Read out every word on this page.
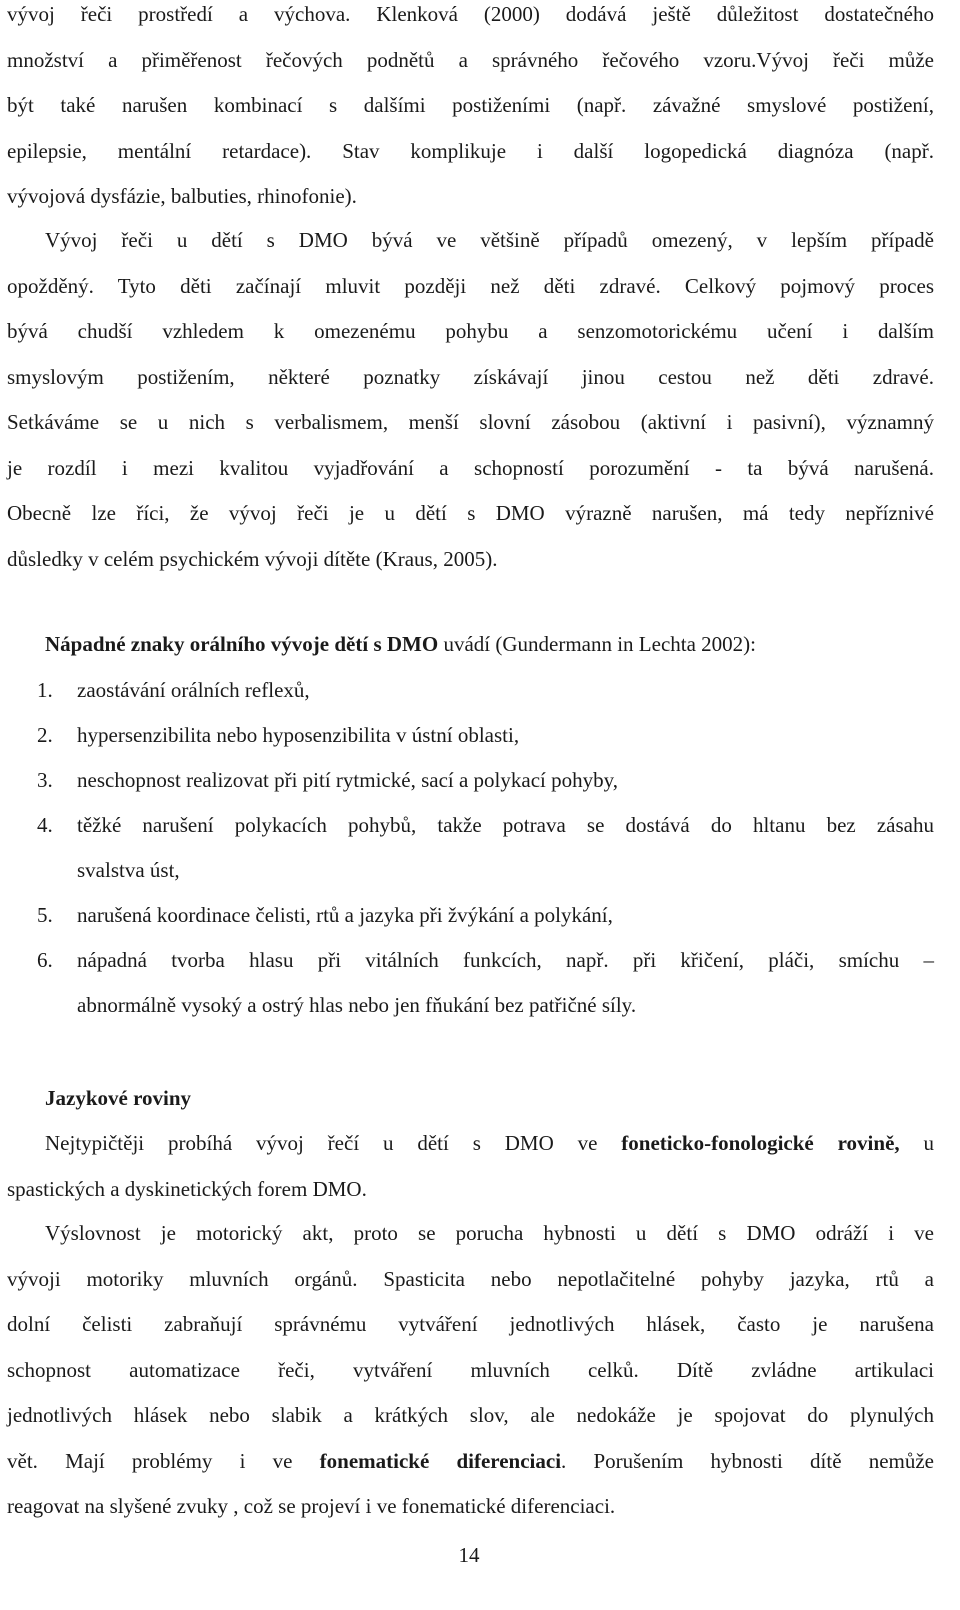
vývoj řeči prostředí a výchova. Klenková (2000) dodává ještě důležitost dostatečného
množství a přiměřenost řečových podnětů a správného řečového vzoru.Vývoj řeči může
být také narušen kombinací s dalšími postiženími (např. závažné smyslové postižení,
epilepsie, mentální retardace). Stav komplikuje i další logopedická diagnóza (např.
vývojová dysfázie, balbuties, rhinofonie).
Vývoj řeči u dětí s DMO bývá ve většině případů omezený, v lepším případě
opožděný. Tyto děti začínají mluvit později než děti zdravé. Celkový pojmový proces
bývá chudší vzhledem k omezenému pohybu a senzomotorickému učení i dalším
smyslovým postižením, některé poznatky získávají jinou cestou než děti zdravé.
Setkáváme se u nich s verbalismem, menší slovní zásobou (aktivní i pasivní), významný
je rozdíl i mezi kvalitou vyjadřování a schopností porozumění - ta bývá narušená.
Obecně lze říci, že vývoj řeči je u dětí s DMO výrazně narušen, má tedy nepříznivé
důsledky v celém psychickém vývoji dítěte (Kraus, 2005).
Nápadné znaky orálního vývoje dětí s DMO uvádí (Gundermann in Lechta 2002):
1. zaostávání orálních reflexů,
2. hypersenzibilita nebo hyposenzibilita v ústní oblasti,
3. neschopnost realizovat při pití rytmické, sací a polykací pohyby,
4. těžké narušení polykacích pohybů, takže potrava se dostává do hltanu bez zásahu
svalstva úst,
5. narušená koordinace čelisti, rtů a jazyka při žvýkání a polykání,
6. nápadná tvorba hlasu při vitálních funkcích, např. při křičení, pláči, smíchu –
abnormálně vysoký a ostrý hlas nebo jen fňukání bez patřičné síly.
Jazykové roviny
Nejtypičtěji probíhá vývoj řečí u dětí s DMO ve foneticko-fonologické rovině, u
spastických a dyskinetických forem DMO.
Výslovnost je motorický akt, proto se porucha hybnosti u dětí s DMO odráží i ve
vývoji motoriky mluvních orgánů. Spasticita nebo nepotlačitelné pohyby jazyka, rtů a
dolní čelisti zabraňují správnému vytváření jednotlivých hlásek, často je narušena
schopnost automatizace řeči, vytváření mluvních celků. Dítě zvládne artikulaci
jednotlivých hlásek nebo slabik a krátkých slov, ale nedokáže je spojovat do plynulých
vět. Mají problémy i ve fonematické diferenciaci. Porušením hybnosti dítě nemůže
reagovat na slyšené zvuky , což se projeví i ve fonematické diferenciaci.
14
